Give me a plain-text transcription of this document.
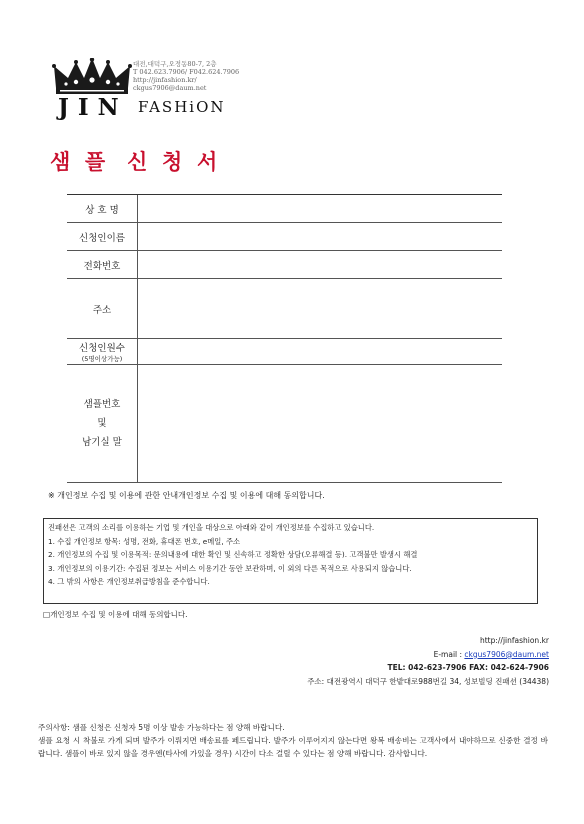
JIN FASHiON
대전,대덕구,오정동80-7, 2층
T 042.623.7906/ F042.624.7906
http://jinfashion.kr/
ckgus7906@daum.net
샘  플   신  청  서
상 호 명
신청인이름
전화번호
주소
신청인원수
(5명이상가능)
샘플번호
및
남기실 말
※ 개인정보 수집 및 이용에 관한 안내개인정보 수집 및 이용에 대해 동의합니다.

진패션은 고객의 소리를 이용하는 기업 및 개인을 대상으로 아래와 같이 개인정보를 수집하고 있습니다.

1. 수집 개인정보 항목: 성명, 전화, 휴대폰 번호, e메일, 주소

2. 개인정보의 수집 및 이용목적: 문의내용에 대한 확인 및 신속하고 정확한 상담(오류해결 등). 고객불만 발생시 해결

3. 개인정보의 이용기간: 수집된 정보는 서비스 이용기간 동안 보관하며, 이 외의 다른 목적으로 사용되지 않습니다.

4. 그 밖의 사항은 개인정보취급방침을 준수합니다.

□개인정보 수집 및 이용에 대해 동의합니다.
http://jinfashion.kr
E-mail : ckgus7906@daum.net
TEL: 042-623-7906 FAX: 042-624-7906
주소: 대전광역시 대덕구 한밭대로988번길 34, 성보빌딩 진패션 (34438)

주의사항: 샘플 신청은 신청자 5명 이상 발송 가능하다는 점 양해 바랍니다.

샘플 요청 시 착불로 가게 되며 발주가 이뤄지면 배송료를 페드립니다. 발주가 이루어지지 않는다면 왕복 배송비는 고객사에서 내야하므로 신중한 결정 바랍니다. 샘플이 바로 있지 않을 경우엔(타사에 가있을 경우) 시간이 다소 걸릴 수 있다는 점 양해 바랍니다. 감사합니다.
